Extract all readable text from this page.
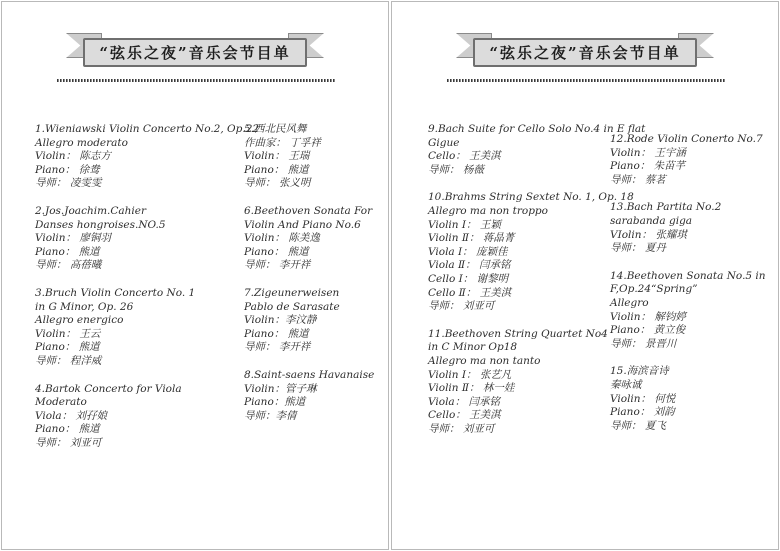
“弦乐之夜”音乐会节目单
1.Wieniawski Violin Concerto No.2, Op.22
Allegro moderato
Violin： 陈志方
Piano： 徐鸯
导师： 凌雯雯
2.Jos.Joachim.Cahier
Danses hongroises.NO.5
Violin： 廖铜羽
Piano： 熊道
导师： 高蓓曦
3.Bruch Violin Concerto No. 1
in G Minor, Op. 26
Allegro energico
Violin： 王云
Piano： 熊道
导师： 程洋威
4.Bartok Concerto for Viola
Moderato
Viola： 刘孖娘
Piano： 熊道
导师： 刘亚可
5.西北民风舞
作曲家： 丁孚祥
Violin： 王瑞
Piano： 熊道
导师： 张义明
6.Beethoven Sonata For
Violin And Piano No.6
Violin： 陈美逸
Piano： 熊道
导师： 李开祥
7.Zigeunerweisen
Pablo de Sarasate
Violin：李汶静
Piano： 熊道
导师： 李开祥
8.Saint-saens Havanaise
Violin：管子琳
Piano：熊道
导师：李倩
“弦乐之夜”音乐会节目单
9.Bach Suite for Cello Solo No.4 in E flat
Gigue
Cello： 王美淇
导师： 杨薇
10.Brahms String Sextet No. 1, Op. 18
Allegro ma non troppo
Violin Ⅰ： 王颖
Violin Ⅱ： 蒋晶菁
Viola Ⅰ： 庞颖佳
Viola Ⅱ： 闫承铭
Cello Ⅰ： 谢黎明
Cello Ⅱ： 王美淇
导师： 刘亚可
11.Beethoven String Quartet No4
in C Minor Op18
Allegro ma non tanto
Violin Ⅰ： 张艺凡
Violin Ⅱ： 林一娃
Viola： 闫承铭
Cello： 王美淇
导师： 刘亚可
12.Rode Violin Conerto No.7
Violin： 王宇涵
Piano： 朱苗芊
导师： 蔡茗
13.Bach Partita No.2
sarabanda giga
VIolin： 张耀琪
导师： 夏丹
14.Beethoven Sonata No.5 in
F,Op.24“Spring”
Allegro
Violin： 解钧婷
Piano： 黄立俊
导师： 景晋川
15.海滨音诗
秦咏诚
Violin： 何悦
Piano： 刘韵
导师： 夏飞
